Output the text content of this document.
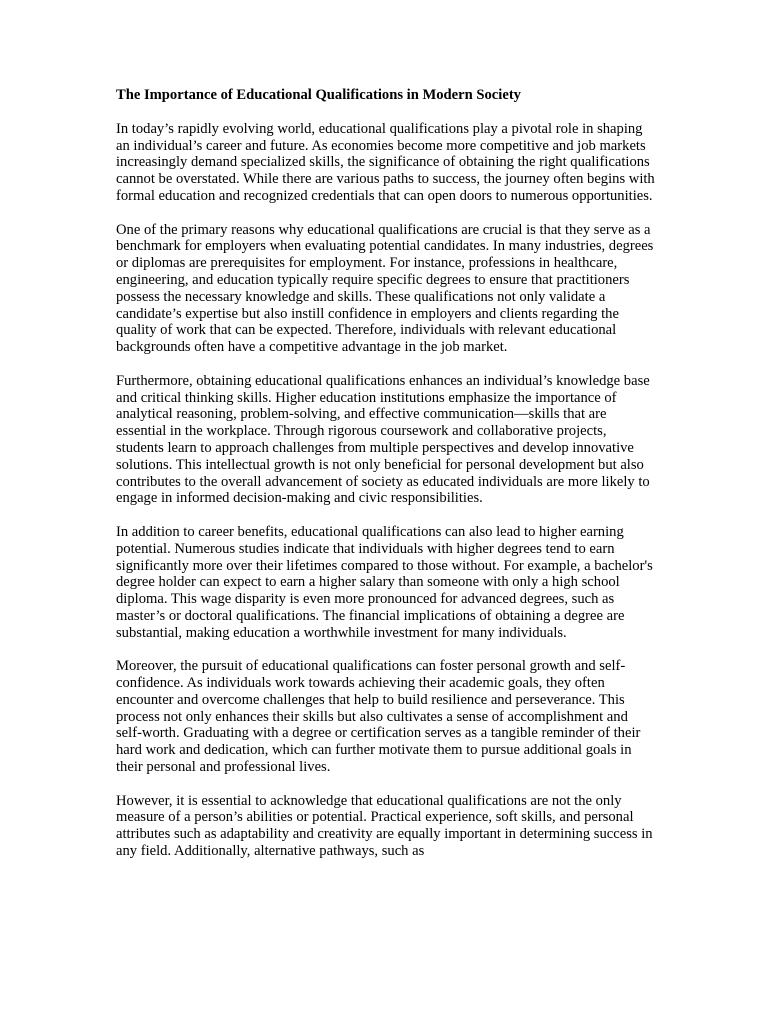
The Importance of Educational Qualifications in Modern Society
In today’s rapidly evolving world, educational qualifications play a pivotal role in shaping an individual’s career and future. As economies become more competitive and job markets increasingly demand specialized skills, the significance of obtaining the right qualifications cannot be overstated. While there are various paths to success, the journey often begins with formal education and recognized credentials that can open doors to numerous opportunities.
One of the primary reasons why educational qualifications are crucial is that they serve as a benchmark for employers when evaluating potential candidates. In many industries, degrees or diplomas are prerequisites for employment. For instance, professions in healthcare, engineering, and education typically require specific degrees to ensure that practitioners possess the necessary knowledge and skills. These qualifications not only validate a candidate’s expertise but also instill confidence in employers and clients regarding the quality of work that can be expected. Therefore, individuals with relevant educational backgrounds often have a competitive advantage in the job market.
Furthermore, obtaining educational qualifications enhances an individual’s knowledge base and critical thinking skills. Higher education institutions emphasize the importance of analytical reasoning, problem-solving, and effective communication—skills that are essential in the workplace. Through rigorous coursework and collaborative projects, students learn to approach challenges from multiple perspectives and develop innovative solutions. This intellectual growth is not only beneficial for personal development but also contributes to the overall advancement of society as educated individuals are more likely to engage in informed decision-making and civic responsibilities.
In addition to career benefits, educational qualifications can also lead to higher earning potential. Numerous studies indicate that individuals with higher degrees tend to earn significantly more over their lifetimes compared to those without. For example, a bachelor's degree holder can expect to earn a higher salary than someone with only a high school diploma. This wage disparity is even more pronounced for advanced degrees, such as master’s or doctoral qualifications. The financial implications of obtaining a degree are substantial, making education a worthwhile investment for many individuals.
Moreover, the pursuit of educational qualifications can foster personal growth and self-confidence. As individuals work towards achieving their academic goals, they often encounter and overcome challenges that help to build resilience and perseverance. This process not only enhances their skills but also cultivates a sense of accomplishment and self-worth. Graduating with a degree or certification serves as a tangible reminder of their hard work and dedication, which can further motivate them to pursue additional goals in their personal and professional lives.
However, it is essential to acknowledge that educational qualifications are not the only measure of a person’s abilities or potential. Practical experience, soft skills, and personal attributes such as adaptability and creativity are equally important in determining success in any field. Additionally, alternative pathways, such as
